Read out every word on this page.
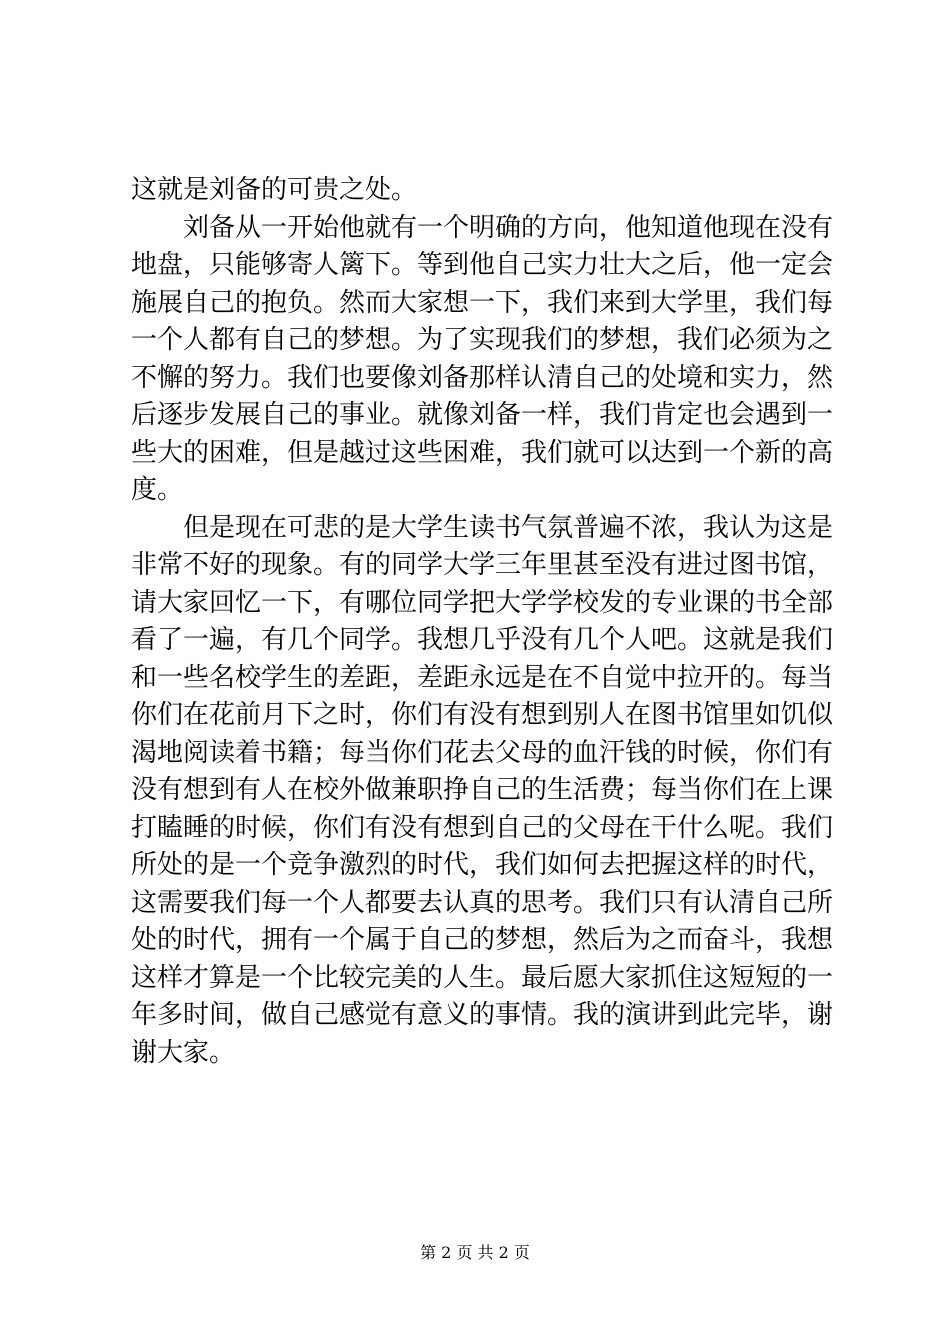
这就是刘备的可贵之处。
刘备从一开始他就有一个明确的方向，他知道他现在没有
地盘，只能够寄人篱下。等到他自己实力壮大之后，他一定会
施展自己的抱负。然而大家想一下，我们来到大学里，我们每
一个人都有自己的梦想。为了实现我们的梦想，我们必须为之
不懈的努力。我们也要像刘备那样认清自己的处境和实力，然
后逐步发展自己的事业。就像刘备一样，我们肯定也会遇到一
些大的困难，但是越过这些困难，我们就可以达到一个新的高
度。
但是现在可悲的是大学生读书气氛普遍不浓，我认为这是
非常不好的现象。有的同学大学三年里甚至没有进过图书馆，
请大家回忆一下，有哪位同学把大学学校发的专业课的书全部
看了一遍，有几个同学。我想几乎没有几个人吧。这就是我们
和一些名校学生的差距，差距永远是在不自觉中拉开的。每当
你们在花前月下之时，你们有没有想到别人在图书馆里如饥似
渴地阅读着书籍；每当你们花去父母的血汗钱的时候，你们有
没有想到有人在校外做兼职挣自己的生活费；每当你们在上课
打瞌睡的时候，你们有没有想到自己的父母在干什么呢。我们
所处的是一个竞争激烈的时代，我们如何去把握这样的时代，
这需要我们每一个人都要去认真的思考。我们只有认清自己所
处的时代，拥有一个属于自己的梦想，然后为之而奋斗，我想
这样才算是一个比较完美的人生。最后愿大家抓住这短短的一
年多时间，做自己感觉有意义的事情。我的演讲到此完毕，谢
谢大家。
第 2 页 共 2 页
